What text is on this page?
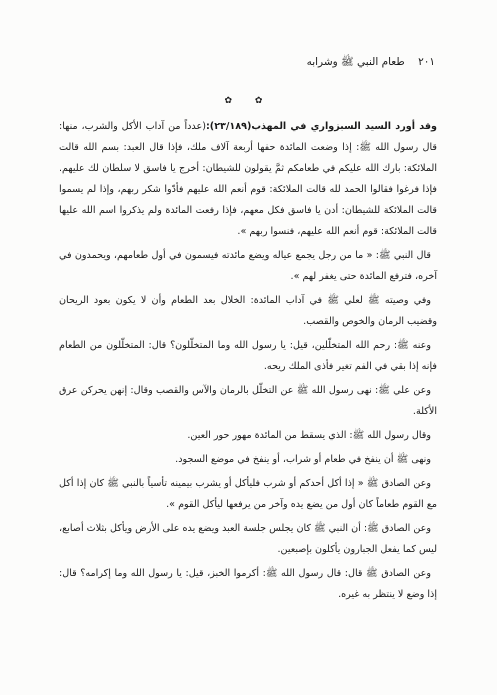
٢٠١    طعام النبي ﷺ وشرابه
✿ ✿

وقد أورد السيد السبزواري في المهذب(٢٣/١٨٩):(عدداً من آداب الأكل والشرب، منها: قال رسول الله ﷺ: إذا وضعت المائدة حفها أربعة آلاف ملك، فإذا قال العبد: بسم الله قالت الملائكة: بارك الله عليكم في طعامكم ثمَّ يقولون للشيطان: أخرج يا فاسق لا سلطان لك عليهم. فإذا فرغوا فقالوا الحمد لله قالت الملائكة: قوم أنعم الله عليهم فأدّوا شكر ربهم، وإذا لم يسموا قالت الملائكة للشيطان: أدن يا فاسق فكل معهم، فإذا رفعت المائدة ولم يذكروا اسم الله عليها قالت الملائكة: قوم أنعم الله عليهم، فنسوا ربهم ».

قال النبي ﷺ: « ما من رجل يجمع عياله ويضع مائدته فيسمون في أول طعامهم، ويحمدون في آخره، فترفع المائدة حتى يغفر لهم ».

وفي وصيته ﷺ لعلي ﷺ في آداب المائدة: الخلال بعد الطعام وأن لا يكون بعود الريحان وقضيب الرمان والخوص والقصب.

وعنه ﷺ: رحم الله المتخلّلين، قيل: يا رسول الله وما المتخلّلون؟ قال: المتخلّلون من الطعام فإنه إذا بقي في الفم تغير فأذى الملك ريحه.

وعن علي ﷺ: نهى رسول الله ﷺ عن التخلّل بالرمان والآس والقصب وقال: إنهن يحركن عرق الأكلة.

وقال رسول الله ﷺ: الذي يسقط من المائدة مهور حور العين.

ونهى ﷺ أن ينفخ في طعام أو شراب، أو ينفخ في موضع السجود.

وعن الصادق ﷺ « إذا أكل أحدكم أو شرب فليأكل أو يشرب بيمينه تأسياً بالنبي ﷺ كان إذا أكل مع القوم طعاماً كان أول من يضع يده وآخر من يرفعها ليأكل القوم ».

وعن الصادق ﷺ: أن النبي ﷺ كان يجلس جلسة العبد ويضع يده على الأرض ويأكل بثلاث أصابع، ليس كما يفعل الجبارون يأكلون بإصبعين.

وعن الصادق ﷺ قال: قال رسول الله ﷺ: أكرموا الخبز، قيل: يا رسول الله وما إكرامه؟ قال: إذا وضع لا ينتظر به غيره.
